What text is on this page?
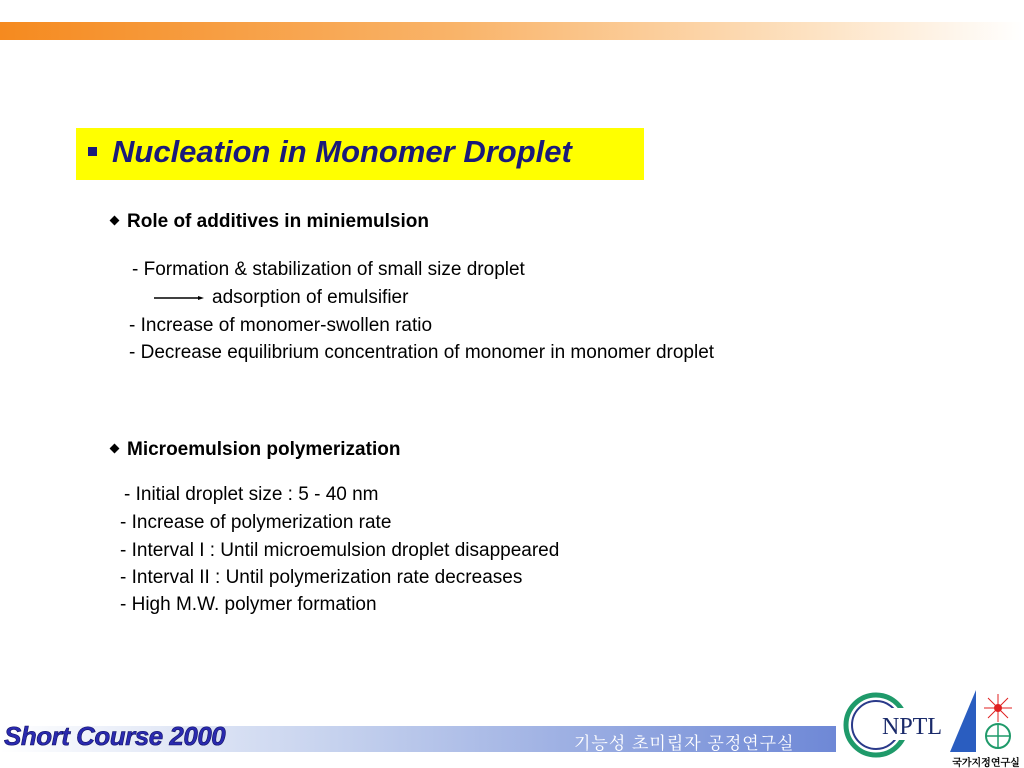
Nucleation in Monomer Droplet
Role of additives in miniemulsion
- Formation & stabilization of small size droplet
adsorption of emulsifier
- Increase of monomer-swollen ratio
- Decrease equilibrium concentration of monomer in monomer droplet
Microemulsion polymerization
- Initial droplet size : 5 - 40 nm
- Increase of polymerization rate
- Interval I : Until microemulsion droplet disappeared
- Interval II : Until polymerization rate decreases
- High M.W. polymer formation
Short Course 2000	기능성 초미립자 공정연구실
NPTL
국가지정연구실
